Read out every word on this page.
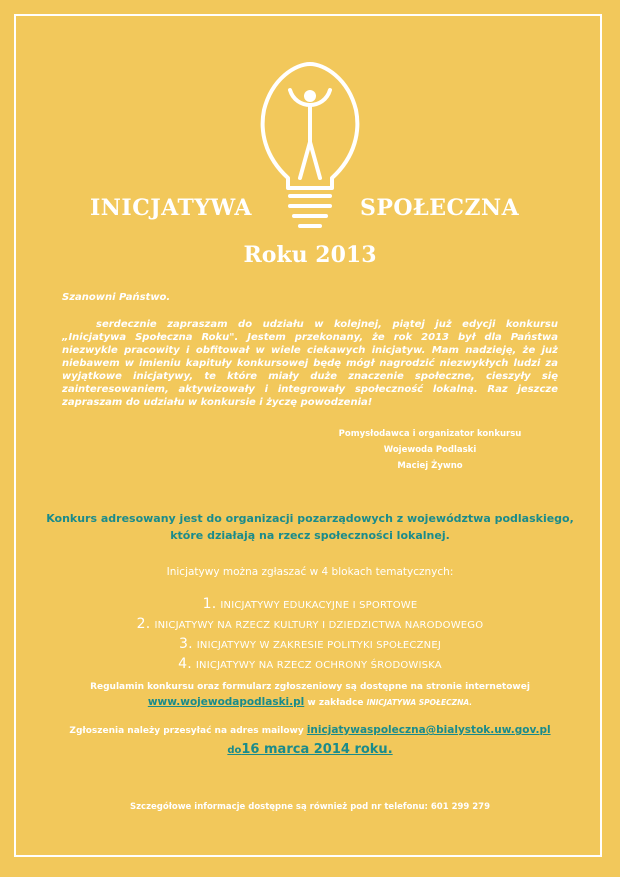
INICJATYWA	SPOŁECZNA
Roku 2013
Szanowni Państwo.
serdecznie zapraszam do udziału w kolejnej, piątej już edycji konkursu „Inicjatywa Społeczna Roku". Jestem przekonany, że rok 2013 był dla Państwa niezwykle pracowity i obfitował w wiele ciekawych inicjatyw. Mam nadzieję, że już niebawem w imieniu kapituły konkursowej będę mógł nagrodzić niezwykłych ludzi za wyjątkowe inicjatywy, te które miały duże znaczenie społeczne, cieszyły się zainteresowaniem, aktywizowały i integrowały społeczność lokalną. Raz jeszcze zapraszam do udziału w konkursie i życzę powodzenia!
Pomysłodawca i organizator konkursu
Wojewoda Podlaski
Maciej Żywno
Konkurs adresowany jest do organizacji pozarządowych z województwa podlaskiego,
które działają na rzecz społeczności lokalnej.
Inicjatywy można zgłaszać w 4 blokach tematycznych:
1. INICJATYWY EDUKACYJNE I SPORTOWE
2. INICJATYWY NA RZECZ KULTURY I DZIEDZICTWA NARODOWEGO
3. INICJATYWY W ZAKRESIE POLITYKI SPOŁECZNEJ
4. INICJATYWY NA RZECZ OCHRONY ŚRODOWISKA
Regulamin konkursu oraz formularz zgłoszeniowy są dostępne na stronie internetowej
www.wojewodapodlaski.pl w zakładce INICJATYWA SPOŁECZNA.
Zgłoszenia należy przesyłać na adres mailowy inicjatywaspoleczna@bialystok.uw.gov.pl
do16 marca 2014 roku.
Szczegółowe informacje dostępne są również pod nr telefonu: 601 299 279
